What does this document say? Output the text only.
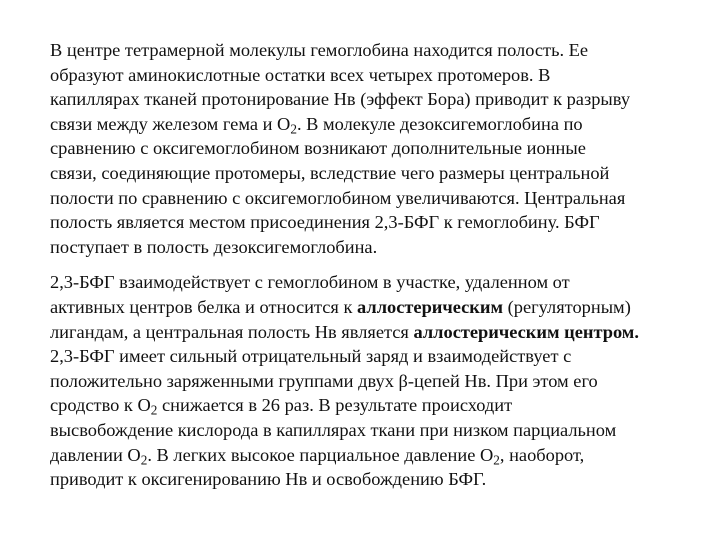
В центре тетрамерной молекулы гемоглобина находится полость. Ее
образуют аминокислотные остатки всех четырех протомеров. В
капиллярах тканей протонирование Нв (эффект Бора) приводит к разрыву
связи между железом гема и $О_2$. В молекуле дезоксигемоглобина по
сравнению с оксигемоглобином возникают дополнительные ионные
связи, соединяющие протомеры, вследствие чего размеры центральной
полости по сравнению с оксигемоглобином увеличиваются. Центральная
полость является местом присоединения 2,3-БФГ к гемоглобину. БФГ
поступает в полость дезоксигемоглобина.

2,3-БФГ взаимодействует с гемоглобином в участке, удаленном от
активных центров белка и относится к аллостерическим (регуляторным)
лигандам, а центральная полость Нв является аллостерическим центром.
2,3-БФГ имеет сильный отрицательный заряд и взаимодействует с
положительно заряженными группами двух β-цепей Нв. При этом его
сродство к $О_2$ снижается в 26 раз. В результате происходит
высвобождение кислорода в капиллярах ткани при низком парциальном
давлении $О_2$. В легких высокое парциальное давление $О_2$, наоборот,
приводит к оксигенированию Нв и освобождению БФГ.
